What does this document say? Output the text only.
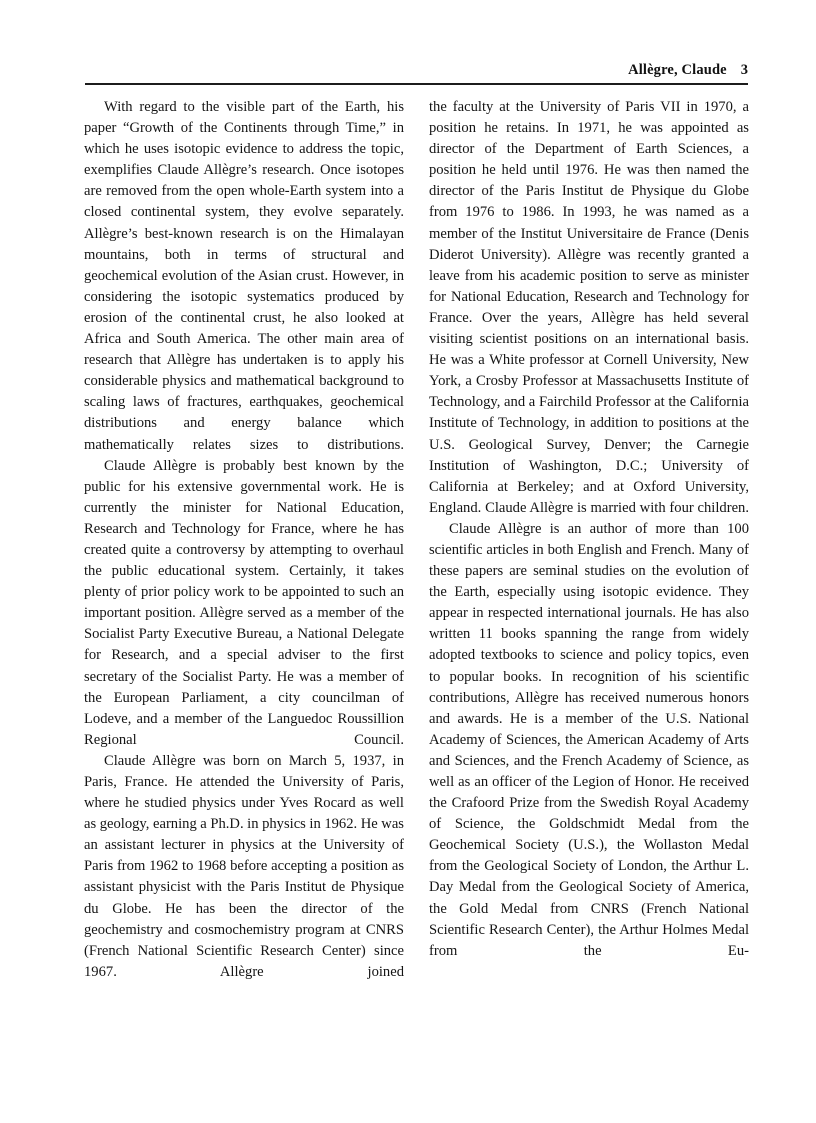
Allègre, Claude 3

With regard to the visible part of the Earth, his paper “Growth of the Continents through Time,” in which he uses isotopic evidence to address the topic, exemplifies Claude Allègre’s research. Once isotopes are removed from the open whole-Earth system into a closed continental system, they evolve separately. Allègre’s best-known research is on the Himalayan mountains, both in terms of structural and geochemical evolution of the Asian crust. However, in considering the isotopic systematics produced by erosion of the continental crust, he also looked at Africa and South America. The other main area of research that Allègre has undertaken is to apply his considerable physics and mathematical background to scaling laws of fractures, earthquakes, geochemical distributions and energy balance which mathematically relates sizes to distributions.

Claude Allègre is probably best known by the public for his extensive governmental work. He is currently the minister for National Education, Research and Technology for France, where he has created quite a controversy by attempting to overhaul the public educational system. Certainly, it takes plenty of prior policy work to be appointed to such an important position. Allègre served as a member of the Socialist Party Executive Bureau, a National Delegate for Research, and a special adviser to the first secretary of the Socialist Party. He was a member of the European Parliament, a city councilman of Lodeve, and a member of the Languedoc Roussillion Regional Council.

Claude Allègre was born on March 5, 1937, in Paris, France. He attended the University of Paris, where he studied physics under Yves Rocard as well as geology, earning a Ph.D. in physics in 1962. He was an assistant lecturer in physics at the University of Paris from 1962 to 1968 before accepting a position as assistant physicist with the Paris Institut de Physique du Globe. He has been the director of the geochemistry and cosmochemistry program at CNRS (French National Scientific Research Center) since 1967. Allègre joined

the faculty at the University of Paris VII in 1970, a position he retains. In 1971, he was appointed as director of the Department of Earth Sciences, a position he held until 1976. He was then named the director of the Paris Institut de Physique du Globe from 1976 to 1986. In 1993, he was named as a member of the Institut Universitaire de France (Denis Diderot University). Allègre was recently granted a leave from his academic position to serve as minister for National Education, Research and Technology for France. Over the years, Allègre has held several visiting scientist positions on an international basis. He was a White professor at Cornell University, New York, a Crosby Professor at Massachusetts Institute of Technology, and a Fairchild Professor at the California Institute of Technology, in addition to positions at the U.S. Geological Survey, Denver; the Carnegie Institution of Washington, D.C.; University of California at Berkeley; and at Oxford University, England. Claude Allègre is married with four children.

Claude Allègre is an author of more than 100 scientific articles in both English and French. Many of these papers are seminal studies on the evolution of the Earth, especially using isotopic evidence. They appear in respected international journals. He has also written 11 books spanning the range from widely adopted textbooks to science and policy topics, even to popular books. In recognition of his scientific contributions, Allègre has received numerous honors and awards. He is a member of the U.S. National Academy of Sciences, the American Academy of Arts and Sciences, and the French Academy of Science, as well as an officer of the Legion of Honor. He received the Crafoord Prize from the Swedish Royal Academy of Science, the Goldschmidt Medal from the Geochemical Society (U.S.), the Wollaston Medal from the Geological Society of London, the Arthur L. Day Medal from the Geological Society of America, the Gold Medal from CNRS (French National Scientific Research Center), the Arthur Holmes Medal from the Eu-
